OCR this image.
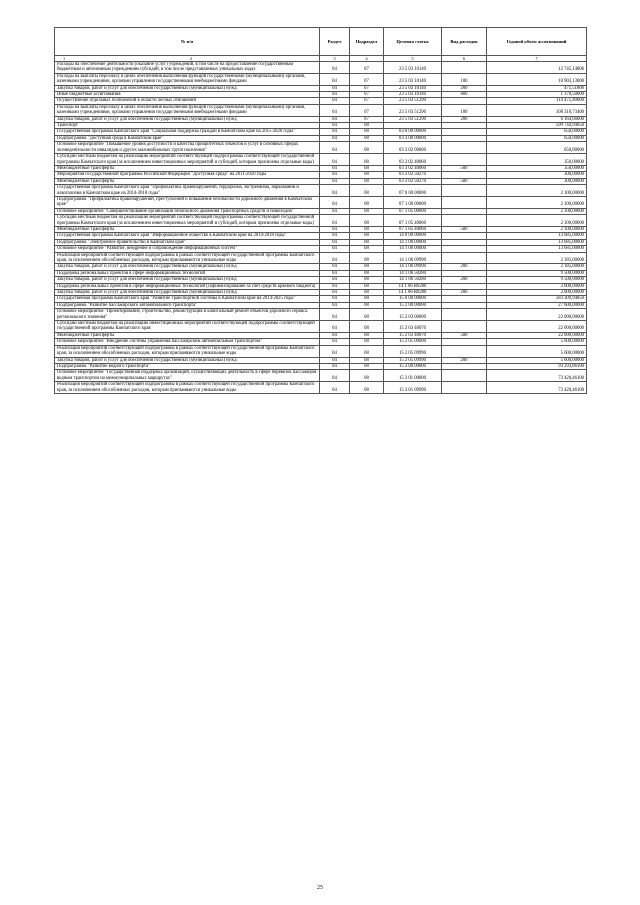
№ п/п	Раздел	Подраздел	Целевая статья	Вид расходов	Годовой объем ассигнований

1 2	3	4	5	6	7
Расходы на обеспечение деятельности (оказание услуг) учреждений, в том числе на предоставление государственным бюджетным и автономным учреждениям субсидий, в том числе представляемых уникальных кодах	04	07	23 5 03 10140		12 745,14806
Расходы на выплаты персоналу в целях обеспечения выполнения функций государственными (муниципальными) органами, казенными учреждениями, органами управления государственными внебюджетными фондами	04	07	23 5 03 10140	100	10 903,13000
Закупка товаров, работ и услуг для обеспечения государственных (муниципальных) нужд	04	07	23 5 03 10140	200	471,51806
Иные бюджетные ассигнования	04	07	23 5 03 10140	800	1 370,50000
Осуществление отдельных полномочий в области лесных отношений	04	07	23 5 03 51290		114 475,40000
Расходы на выплаты персоналу в целях обеспечения выполнения функций государственными (муниципальными) органами, казенными учреждениями, органами управления государственными внебюджетными фондами	04	07	23 5 03 51290	100	108 310,73400
Закупка товаров, работ и услуг для обеспечения государственных (муниципальных) нужд	04	07	23 5 03 51290	200	6 164,66600
Транспорт	04	08			599 744,94850
Государственная программа Камчатского края "Социальная поддержка граждан в Камчатском крае на 2015-2020 годы"	04	08	03 0 00 00000		650,00000
Подпрограмма "Доступная среда в Камчатском крае"	04	08	03 3 00 00000		650,00000
Основное мероприятие "Повышение уровня доступности и качества приоритетных объектов и услуг в основных сферах жизнедеятельности инвалидов и других маломобильных групп населения"	04	08	03 3 02 00000		650,00000
Субсидии местным бюджетам на реализацию мероприятий соответствующей подпрограммы соответствующей государственной программы Камчатского края (за исключением инвестиционных мероприятий и субсидий, которым присвоены отдельные коды)	04	08	03 3 02 40060		350,00000
Межбюджетные трансферты	04	08	03 3 02 40060	500	350,00000
Мероприятия государственной программы Российской Федерации "Доступная среда" на 2011-2020 годы	04	08	03 3 02 50270		300,00000
Межбюджетные трансферты	04	08	03 3 02 50270	500	300,00000
Государственная программа Камчатского края "Профилактика правонарушений, терроризма, экстремизма, наркомании и алкоголизма в Камчатском крае на 2014-2018 годы"	04	08	07 0 00 00000		2 100,00000
Подпрограмма "Профилактика правонарушений, преступлений и повышение безопасности дорожного движения в Камчатском крае"	04	08	07 1 00 00000		2 100,00000
Основное мероприятие "Совершенствование организации безопасного движения транспортных средств и пешеходов"	04	08	07 1 05 00000		2 100,00000
Субсидии местным бюджетам на реализацию мероприятий соответствующей подпрограммы соответствующей государственной программы Камчатского края (за исключением инвестиционных мероприятий и субсидий, которым присвоены отдельные коды)	04	08	07 1 05 40060		2 100,00000
Межбюджетные трансферты	04	08	07 1 05 40060	500	2 100,00000
Государственная программа Камчатского края "Информационное общество в Камчатском крае на 2014-2018 годы"	04	08	14 0 00 00000		13 685,00000
Подпрограмма "Электронное правительство в Камчатском крае"	04	08	14 1 00 00000		13 685,00000
Основное мероприятие "Развитие, внедрение и сопровождение информационных систем"	04	08	14 1 06 00000		13 685,00000
Реализация мероприятий соответствующей подпрограммы в рамках соответствующей государственной программы Камчатского края, за исключением обособленных расходов, которым присваиваются уникальные коды	04	08	14 1 06 09990		2 185,00000
Закупка товаров, работ и услуг для обеспечения государственных (муниципальных) нужд	04	08	14 1 06 09990	200	2 185,00000
Поддержка региональных проектов в сфере информационных технологий	04	08	14 1 06 50280		9 500,00000
Закупка товаров, работ и услуг для обеспечения государственных (муниципальных) нужд	04	08	14 1 06 50280	200	9 500,00000
Поддержка региональных проектов в сфере информационных технологий (софинансирование за счет средств краевого бюджета)	04	08	14 1 06 R0280		2 000,00000
Закупка товаров, работ и услуг для обеспечения государственных (муниципальных) нужд	04	08	14 1 06 R0280	200	2 000,00000
Государственная программа Камчатского края "Развитие транспортной системы в Камчатском крае на 2014-2025 годы"	04	08	15 0 00 00000		583 309,94850
Подпрограмма "Развитие пассажирского автомобильного транспорта"	04	08	15 2 00 00000		27 600,00000
Основное мероприятие "Проектирование, строительство, реконструкция и капитальный ремонт объектов дорожного сервиса регионального значения"	04	08	15 2 03 00000		22 000,00000
Субсидии местным бюджетам на реализацию инвестиционных мероприятий соответствующей подпрограммы соответствующей государственной программы Камчатского края	04	08	15 2 03 40070		22 000,00000
Межбюджетные трансферты	04	08	15 2 03 40070	500	22 000,00000
Основное мероприятие "Внедрение системы управления пассажирским автомобильным транспортом"	04	08	15 2 05 00000		5 600,00000
Реализация мероприятий соответствующей подпрограммы в рамках соответствующей государственной программы Камчатского края, за исключением обособленных расходов, которым присваиваются уникальные коды	04	08	15 2 05 09990		5 600,00000
Закупка товаров, работ и услуг для обеспечения государственных (муниципальных) нужд	04	08	15 2 05 09990	200	5 600,00000
Подпрограмма "Развитие водного транспорта"	04	08	15 3 00 00000		93 293,86100
Основное мероприятие "Государственная поддержка организаций, осуществляющих деятельность в сфере перевозок пассажиров водным транспортом на межмуниципальных маршрутах"	04	08	15 3 01 00000		73 420,46100
Реализация мероприятий соответствующей подпрограммы в рамках соответствующей государственной программы Камчатского края, за исключением обособленных расходов, которым присваиваются уникальные коды	04	08	15 3 01 09990		73 420,46100
25
